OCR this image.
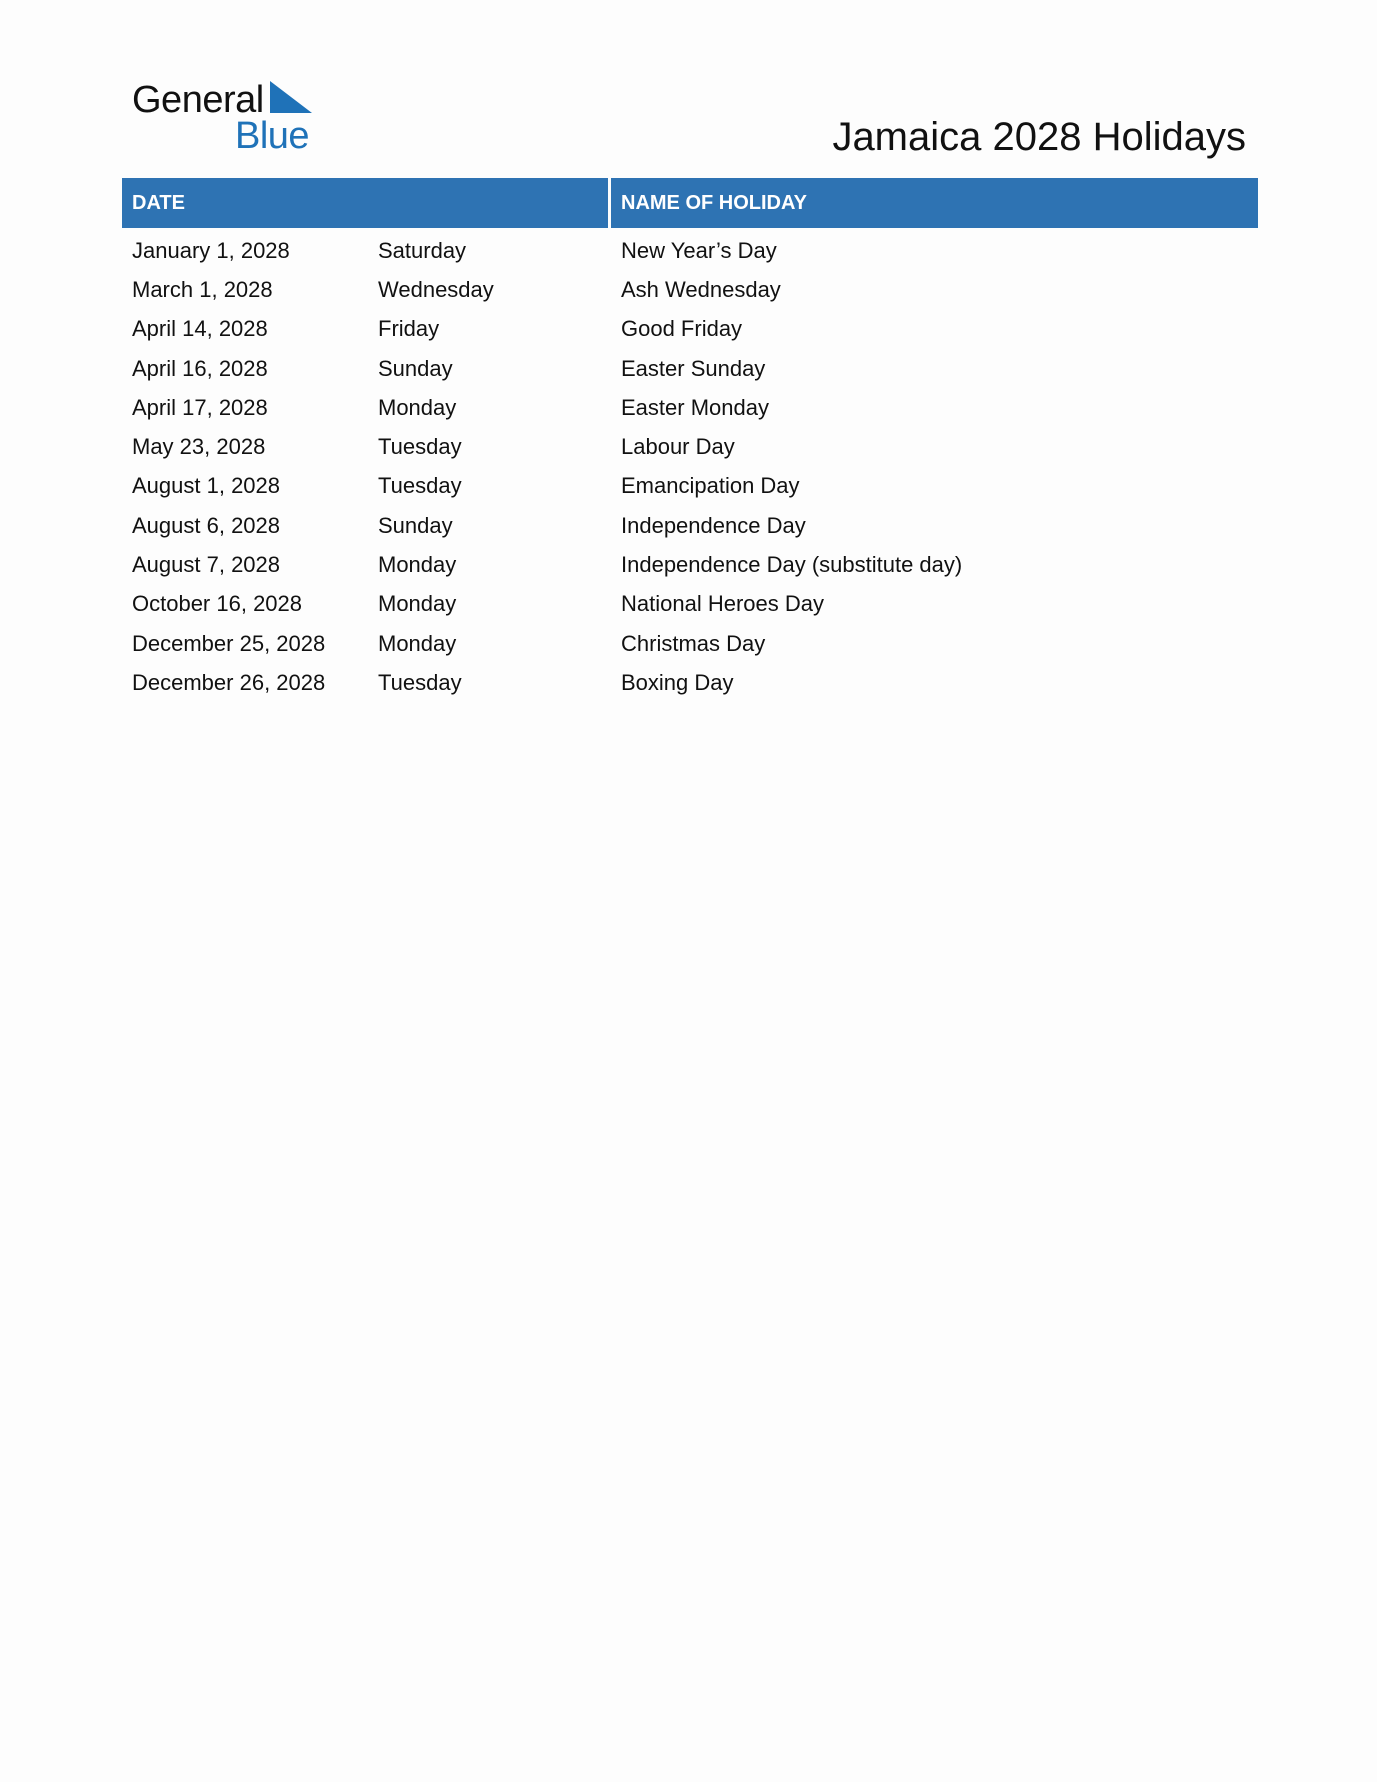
General
Blue	Jamaica 2028 Holidays
DATE	NAME OF HOLIDAY
January 1, 2028	Saturday	New Year’s Day
March 1, 2028	Wednesday	Ash Wednesday
April 14, 2028	Friday	Good Friday
April 16, 2028	Sunday	Easter Sunday
April 17, 2028	Monday	Easter Monday
May 23, 2028	Tuesday	Labour Day
August 1, 2028	Tuesday	Emancipation Day
August 6, 2028	Sunday	Independence Day
August 7, 2028	Monday	Independence Day (substitute day)
October 16, 2028	Monday	National Heroes Day
December 25, 2028	Monday	Christmas Day
December 26, 2028	Tuesday	Boxing Day
